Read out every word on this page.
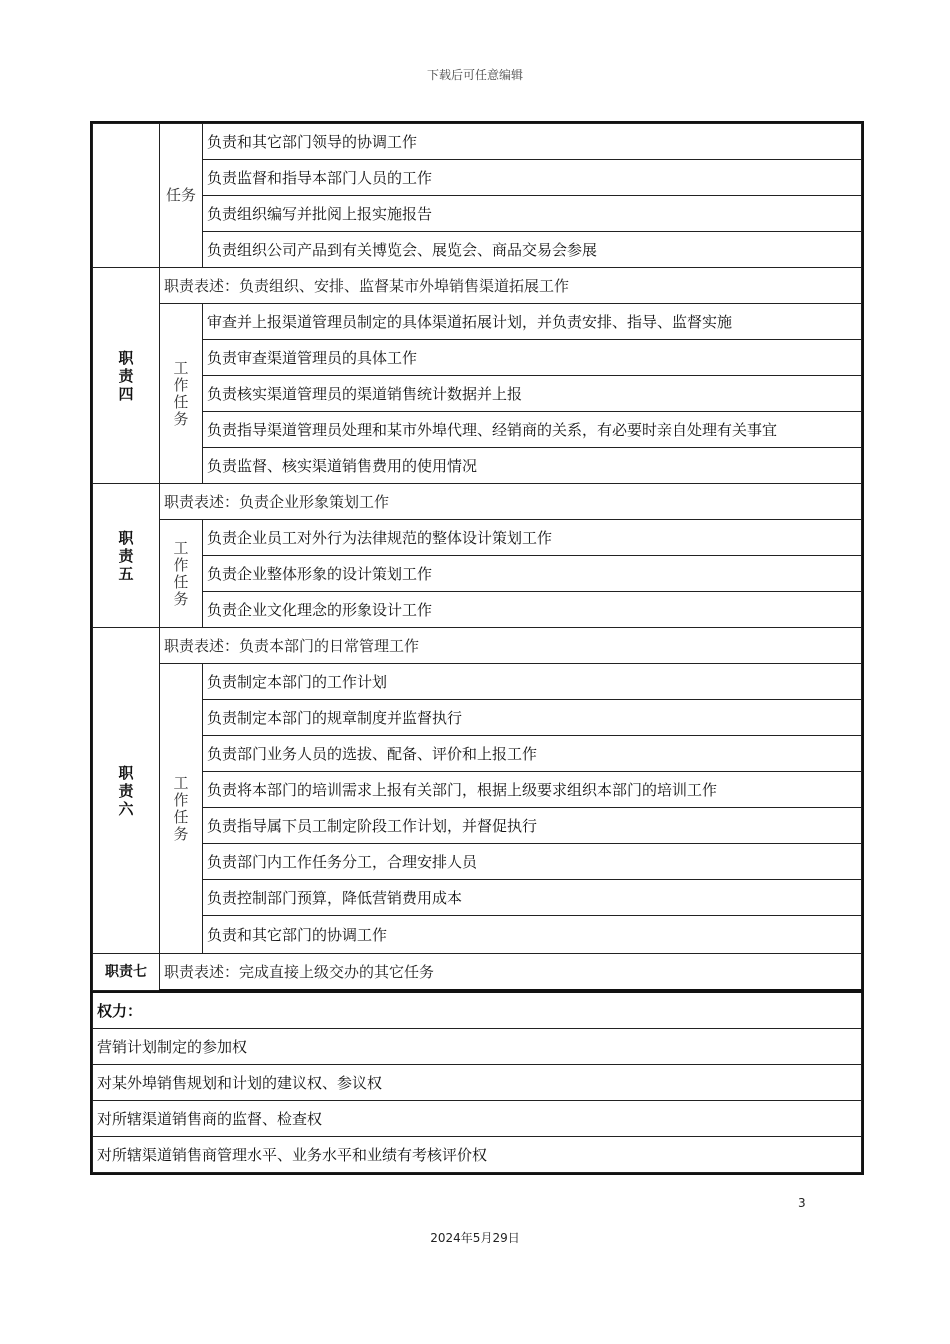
下载后可任意编辑
	任务	负责和其它部门领导的协调工作
		负责监督和指导本部门人员的工作
		负责组织编写并批阅上报实施报告
		负责组织公司产品到有关博览会、展览会、商品交易会参展
职责四	职责表述：负责组织、安排、监督某市外埠销售渠道拓展工作	
	工作任务	审查并上报渠道管理员制定的具体渠道拓展计划，并负责安排、指导、监督实施
		负责审查渠道管理员的具体工作
		负责核实渠道管理员的渠道销售统计数据并上报
		负责指导渠道管理员处理和某市外埠代理、经销商的关系，有必要时亲自处理有关事宜
		负责监督、核实渠道销售费用的使用情况
职责五	职责表述：负责企业形象策划工作	
	工作任务	负责企业员工对外行为法律规范的整体设计策划工作
		负责企业整体形象的设计策划工作
		负责企业文化理念的形象设计工作
职责六	职责表述：负责本部门的日常管理工作	
	工作任务	负责制定本部门的工作计划
		负责制定本部门的规章制度并监督执行
		负责部门业务人员的选拔、配备、评价和上报工作
		负责将本部门的培训需求上报有关部门，根据上级要求组织本部门的培训工作
		负责指导属下员工制定阶段工作计划，并督促执行
		负责部门内工作任务分工，合理安排人员
		负责控制部门预算，降低营销费用成本
		负责和其它部门的协调工作
职责七	职责表述：完成直接上级交办的其它任务	
权力：
营销计划制定的参加权
对某外埠销售规划和计划的建议权、参议权
对所辖渠道销售商的监督、检查权
对所辖渠道销售商管理水平、业务水平和业绩有考核评价权
3
2024年5月29日
